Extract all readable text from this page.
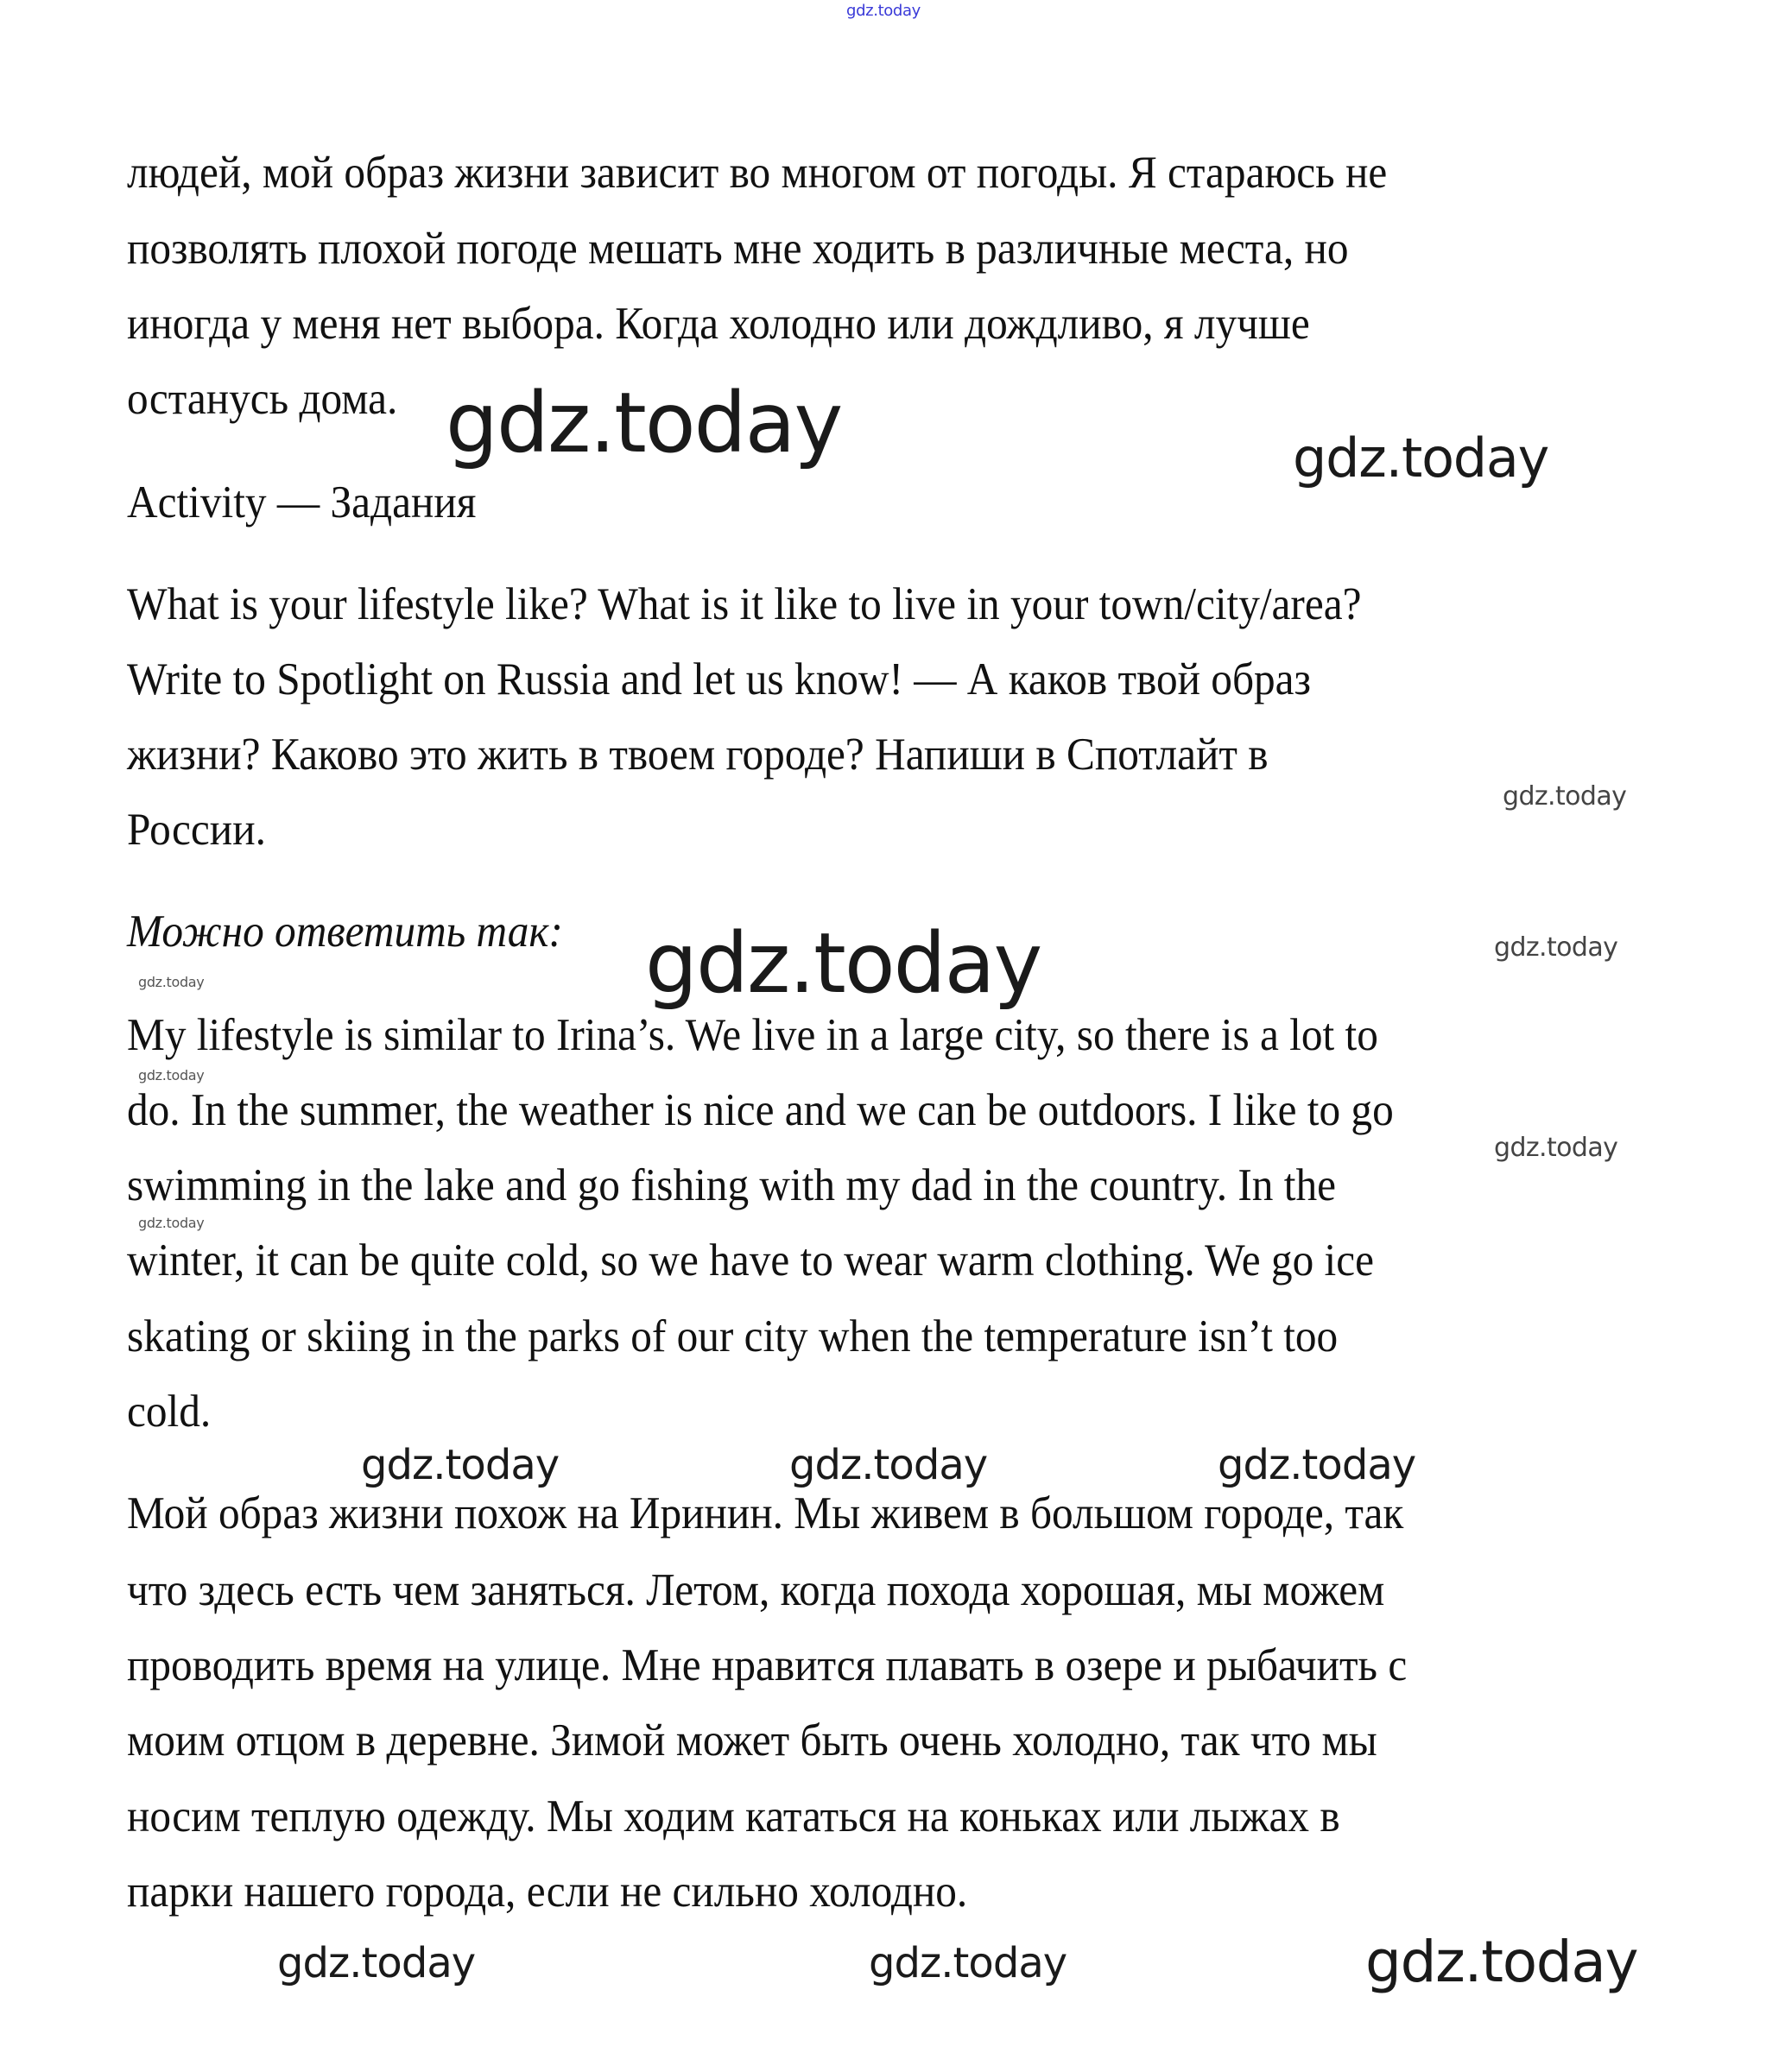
gdz.today
gdz.today	gdz.today
gdz.today
gdz.today
gdz.today	gdz.today
gdz.today
gdz.today
gdz.today
gdz.today	gdz.today	gdz.today
gdz.today	gdz.today	gdz.today
людей, мой образ жизни зависит во многом от погоды. Я стараюсь не
позволять плохой погоде мешать мне ходить в различные места, но
иногда у меня нет выбора. Когда холодно или дождливо, я лучше
останусь дома.
Activity — Задания
What is your lifestyle like? What is it like to live in your town/city/area?
Write to Spotlight on Russia and let us know! — А каков твой образ
жизни? Каково это жить в твоем городе? Напиши в Спотлайт в
России.
Можно ответить так:
My lifestyle is similar to Irina’s. We live in a large city, so there is a lot to
do. In the summer, the weather is nice and we can be outdoors. I like to go
swimming in the lake and go fishing with my dad in the country. In the
winter, it can be quite cold, so we have to wear warm clothing. We go ice
skating or skiing in the parks of our city when the temperature isn’t too
cold.
Мой образ жизни похож на Иринин. Мы живем в большом городе, так
что здесь есть чем заняться. Летом, когда похода хорошая, мы можем
проводить время на улице. Мне нравится плавать в озере и рыбачить с
моим отцом в деревне. Зимой может быть очень холодно, так что мы
носим теплую одежду. Мы ходим кататься на коньках или лыжах в
парки нашего города, если не сильно холодно.
